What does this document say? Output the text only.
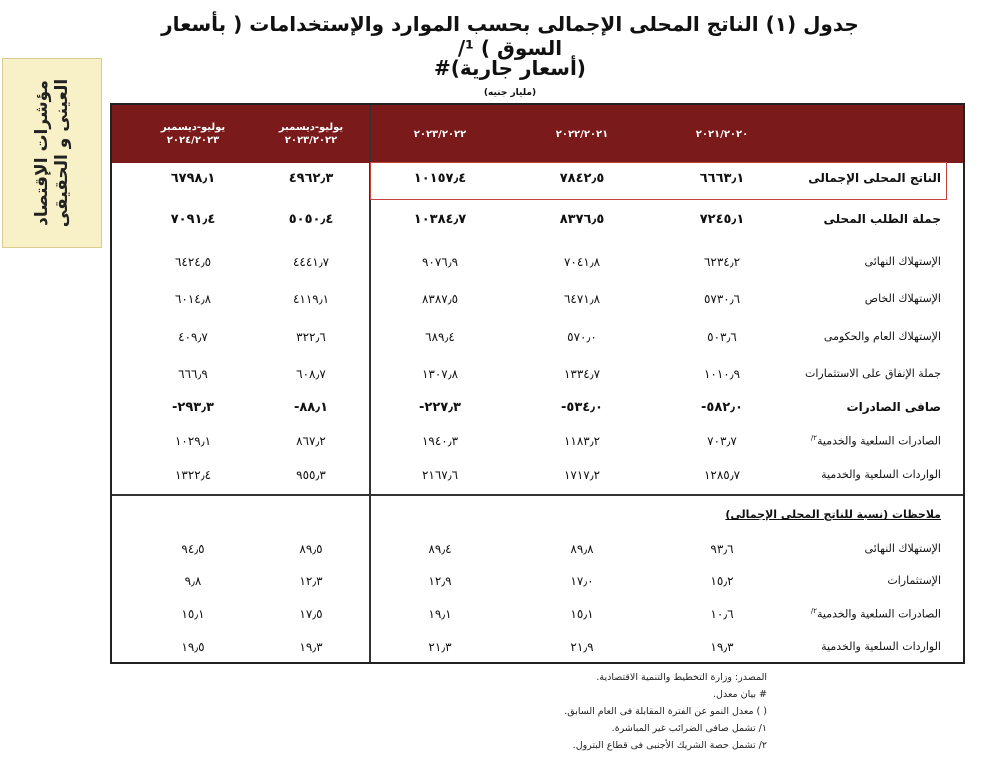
جدول (١) الناتج المحلى الإجمالى بحسب الموارد والإستخدامات ( بأسعار السوق ) ¹/
(أسعار جارية)#
(مليار جنيه)
مؤشرات الإقتصاد العينى و الحقيقى	٢٠٢١/٢٠٢٠
٢٠٢٢/٢٠٢١
٢٠٢٣/٢٠٢٢
يوليو-ديسمبر
٢٠٢٣/٢٠٢٢
يوليو-ديسمبر
٢٠٢٤/٢٠٢٣
الناتج المحلى الإجمالى
٦٦٦٣٫١
٧٨٤٢٫٥
١٠١٥٧٫٤
٤٩٦٢٫٣
٦٧٩٨٫١
جملة الطلب المحلى
٧٢٤٥٫١
٨٣٧٦٫٥
١٠٣٨٤٫٧
٥٠٥٠٫٤
٧٠٩١٫٤
الإستهلاك النهائى
٦٢٣٤٫٢
٧٠٤١٫٨
٩٠٧٦٫٩
٤٤٤١٫٧
٦٤٢٤٫٥
الإستهلاك الخاص
٥٧٣٠٫٦
٦٤٧١٫٨
٨٣٨٧٫٥
٤١١٩٫١
٦٠١٤٫٨
الإستهلاك العام والحكومى
٥٠٣٫٦
٥٧٠٫٠
٦٨٩٫٤
٣٢٢٫٦
٤٠٩٫٧
جملة الإنفاق على الاستثمارات
١٠١٠٫٩
١٣٣٤٫٧
١٣٠٧٫٨
٦٠٨٫٧
٦٦٦٫٩
صافى الصادرات
-٥٨٢٫٠
-٥٣٤٫٠
-٢٢٧٫٣
-٨٨٫١
-٢٩٣٫٣
الصادرات السلعية والخدمية$^{٢/}$
٧٠٣٫٧
١١٨٣٫٢
١٩٤٠٫٣
٨٦٧٫٢
١٠٢٩٫١
الواردات السلعية والخدمية
١٢٨٥٫٧
١٧١٧٫٢
٢١٦٧٫٦
٩٥٥٫٣
١٣٢٢٫٤
ملاحظات (نسبة للناتج المحلى الإجمالى)
الإستهلاك النهائى
٩٣٫٦
٨٩٫٨
٨٩٫٤
٨٩٫٥
٩٤٫٥
الإستثمارات
١٥٫٢
١٧٫٠
١٢٫٩
١٢٫٣
٩٫٨
الصادرات السلعية والخدمية$^{٢/}$
١٠٫٦
١٥٫١
١٩٫١
١٧٫٥
١٥٫١
الواردات السلعية والخدمية
١٩٫٣
٢١٫٩
٢١٫٣
١٩٫٣
١٩٫٥
المصدر: وزارة التخطيط والتنمية الاقتصادية.
# بيان معدل.
( ) معدل النمو عن الفترة المقابلة فى العام السابق.
١/ تشمل صافى الضرائب غير المباشرة.
٢/ تشمل حصة الشريك الأجنبى فى قطاع البترول.
